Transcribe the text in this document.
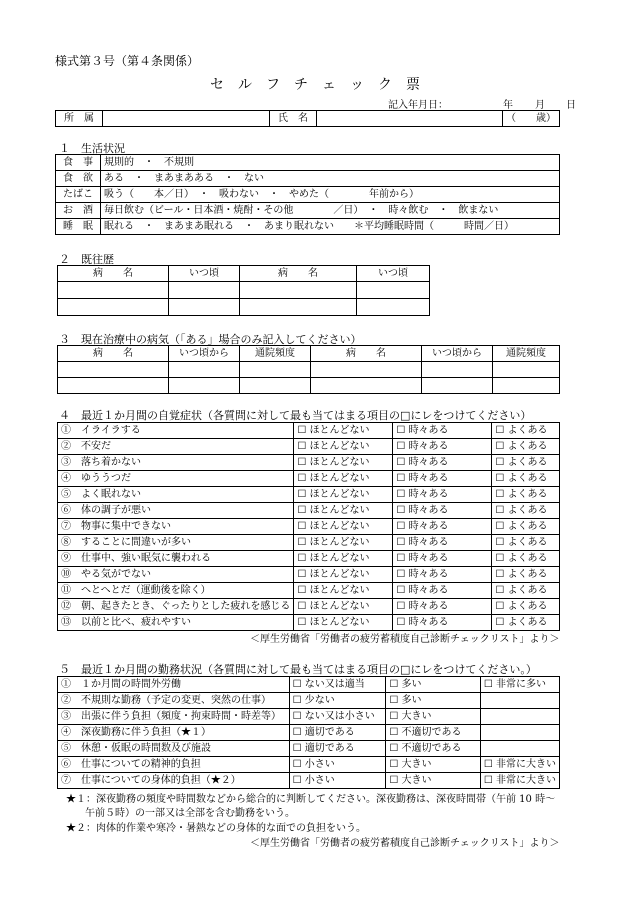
様式第３号（第４条関係）
セ　ル　フ　チ　ェ　ッ　ク　票
記入年月日：	年 月 日
所　属		氏　名		（　　歳）
１　生活状況
食　事	規則的　・　不規則
食　欲	ある　・　まあまあある　・　ない
たばこ	吸う（　　本／日）　・　吸わない　・　やめた（　　　　年前から）
お　酒	毎日飲む（ビール・日本酒・焼酎・その他　　　　／日）　・　時々飲む　・　飲まない
睡　眠	眠れる　・　まあまあ眠れる　・　あまり眠れない　　＊平均睡眠時間（　　　時間／日）
２　既往歴
病　　名	いつ頃	病　　名	いつ頃

３　現在治療中の病気（「ある」場合のみ記入してください）
病　　名	いつ頃から	通院頻度	病　　名	いつ頃から	通院頻度

４　最近１か月間の自覚症状（各質問に対して最も当てはまる項目の□にレをつけてください）
①　 イライラする	☐ ほとんどない	☐ 時々ある	☐ よくある
②　 不安だ	☐ ほとんどない	☐ 時々ある	☐ よくある
③　 落ち着かない	☐ ほとんどない	☐ 時々ある	☐ よくある
④　 ゆううつだ	☐ ほとんどない	☐ 時々ある	☐ よくある
⑤　 よく眠れない	☐ ほとんどない	☐ 時々ある	☐ よくある
⑥　 体の調子が悪い	☐ ほとんどない	☐ 時々ある	☐ よくある
⑦　 物事に集中できない	☐ ほとんどない	☐ 時々ある	☐ よくある
⑧　 することに間違いが多い	☐ ほとんどない	☐ 時々ある	☐ よくある
⑨　 仕事中、強い眠気に襲われる	☐ ほとんどない	☐ 時々ある	☐ よくある
⑩　 やる気がでない	☐ ほとんどない	☐ 時々ある	☐ よくある
⑪　 へとへとだ（運動後を除く）	☐ ほとんどない	☐ 時々ある	☐ よくある
⑫　 朝、起きたとき、ぐったりとした疲れを感じる	☐ ほとんどない	☐ 時々ある	☐ よくある
⑬　 以前と比べ、疲れやすい	☐ ほとんどない	☐ 時々ある	☐ よくある
＜厚生労働省「労働者の疲労蓄積度自己診断チェックリスト」より＞
５　最近１か月間の勤務状況（各質問に対して最も当てはまる項目の□にレをつけてください。）
①　 １か月間の時間外労働	☐ ない又は適当	☐ 多い	☐ 非常に多い
②　 不規則な勤務（予定の変更、突然の仕事）	☐ 少ない	☐ 多い	
③　 出張に伴う負担（頻度・拘束時間・時差等）	☐ ない又は小さい	☐ 大きい	
④　 深夜勤務に伴う負担（★１）	☐ 適切である	☐ 不適切である	
⑤　 休憩・仮眠の時間数及び施設	☐ 適切である	☐ 不適切である	
⑥　 仕事についての精神的負担	☐ 小さい	☐ 大きい	☐ 非常に大きい
⑦　 仕事についての身体的負担（★２）	☐ 小さい	☐ 大きい	☐ 非常に大きい
★１：深夜勤務の頻度や時間数などから総合的に判断してください。深夜勤務は、深夜時間帯（午前 10 時～
午前５時）の一部又は全部を含む勤務をいう。
★２：肉体的作業や寒冷・暑熱などの身体的な面での負担をいう。
＜厚生労働省「労働者の疲労蓄積度自己診断チェックリスト」より＞
